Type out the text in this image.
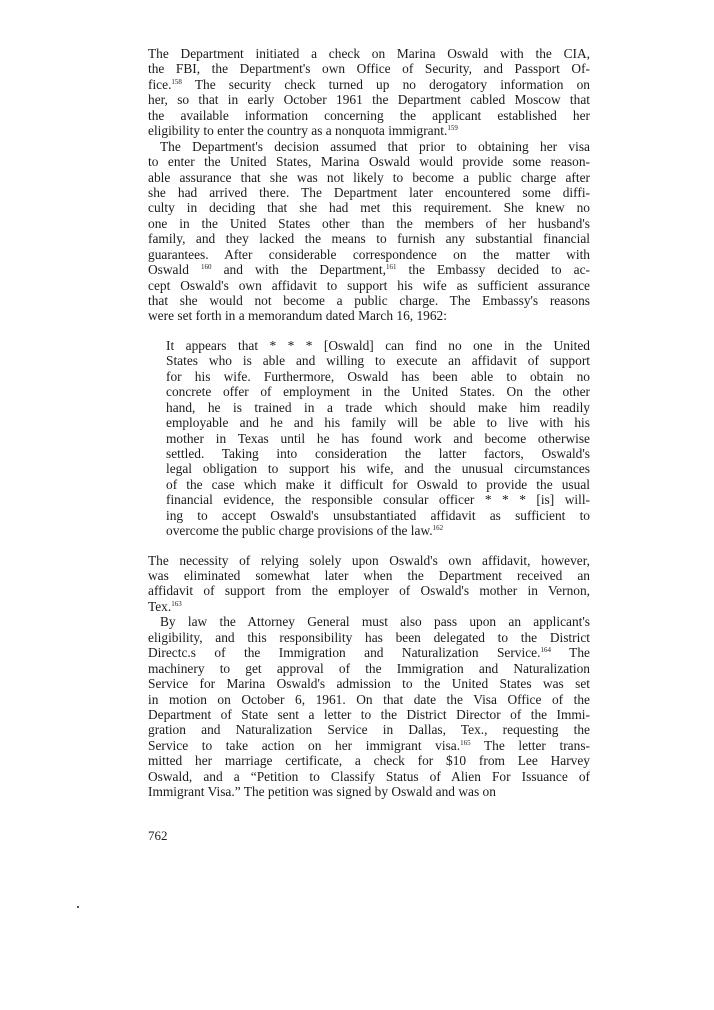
The Department initiated a check on Marina Oswald with the CIA,
the FBI, the Department's own Office of Security, and Passport Of-
fice.$^{158}$ The security check turned up no derogatory information on
her, so that in early October 1961 the Department cabled Moscow that
the available information concerning the applicant established her
eligibility to enter the country as a nonquota immigrant.$^{159}$
The Department's decision assumed that prior to obtaining her visa
to enter the United States, Marina Oswald would provide some reason-
able assurance that she was not likely to become a public charge after
she had arrived there. The Department later encountered some diffi-
culty in deciding that she had met this requirement. She knew no
one in the United States other than the members of her husband's
family, and they lacked the means to furnish any substantial financial
guarantees. After considerable correspondence on the matter with
Oswald $^{160}$ and with the Department,$^{161}$ the Embassy decided to ac-
cept Oswald's own affidavit to support his wife as sufficient assurance
that she would not become a public charge. The Embassy's reasons
were set forth in a memorandum dated March 16, 1962:
It appears that * * * [Oswald] can find no one in the United
States who is able and willing to execute an affidavit of support
for his wife. Furthermore, Oswald has been able to obtain no
concrete offer of employment in the United States. On the other
hand, he is trained in a trade which should make him readily
employable and he and his family will be able to live with his
mother in Texas until he has found work and become otherwise
settled. Taking into consideration the latter factors, Oswald's
legal obligation to support his wife, and the unusual circumstances
of the case which make it difficult for Oswald to provide the usual
financial evidence, the responsible consular officer * * * [is] will-
ing to accept Oswald's unsubstantiated affidavit as sufficient to
overcome the public charge provisions of the law.$^{162}$
The necessity of relying solely upon Oswald's own affidavit, however,
was eliminated somewhat later when the Department received an
affidavit of support from the employer of Oswald's mother in Vernon,
Tex.$^{163}$
By law the Attorney General must also pass upon an applicant's
eligibility, and this responsibility has been delegated to the District
Directc.s of the Immigration and Naturalization Service.$^{164}$ The
machinery to get approval of the Immigration and Naturalization
Service for Marina Oswald's admission to the United States was set
in motion on October 6, 1961. On that date the Visa Office of the
Department of State sent a letter to the District Director of the Immi-
gration and Naturalization Service in Dallas, Tex., requesting the
Service to take action on her immigrant visa.$^{165}$ The letter trans-
mitted her marriage certificate, a check for $10 from Lee Harvey
Oswald, and a “Petition to Classify Status of Alien For Issuance of
Immigrant Visa.” The petition was signed by Oswald and was on
762
